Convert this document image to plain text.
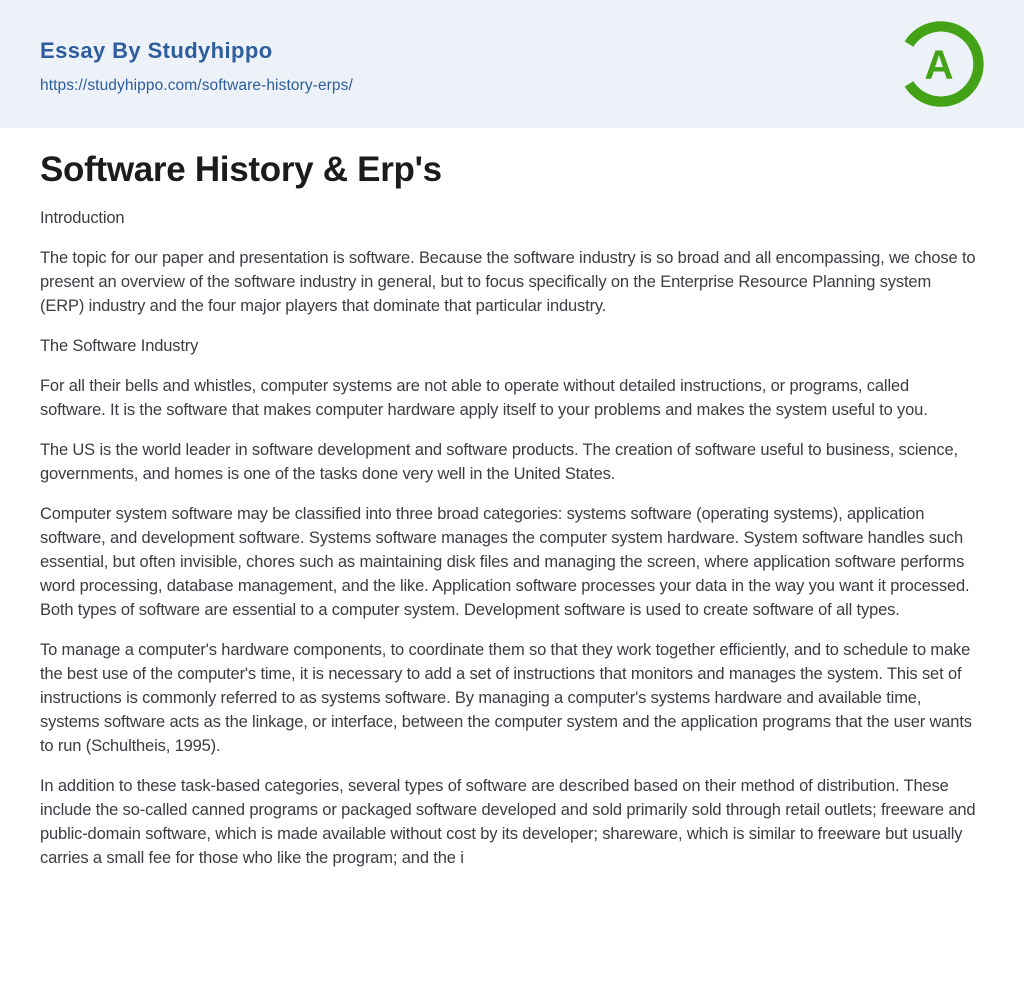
Essay By Studyhippo
https://studyhippo.com/software-history-erps/	A
Software History & Erp's

Introduction

The topic for our paper and presentation is software. Because the software industry is so broad and all encompassing, we chose to present an overview of the software industry in general, but to focus specifically on the Enterprise Resource Planning system (ERP) industry and the four major players that dominate that particular industry.

The Software Industry

For all their bells and whistles, computer systems are not able to operate without detailed instructions, or programs, called software. It is the software that makes computer hardware apply itself to your problems and makes the system useful to you.

The US is the world leader in software development and software products. The creation of software useful to business, science, governments, and homes is one of the tasks done very well in the United States.

Computer system software may be classified into three broad categories: systems software (operating systems), application software, and development software. Systems software manages the computer system hardware. System software handles such essential, but often invisible, chores such as maintaining disk files and managing the screen, where application software performs word processing, database management, and the like. Application software processes your data in the way you want it processed. Both types of software are essential to a computer system. Development software is used to create software of all types.

To manage a computer's hardware components, to coordinate them so that they work together efficiently, and to schedule to make the best use of the computer's time, it is necessary to add a set of instructions that monitors and manages the system. This set of instructions is commonly referred to as systems software. By managing a computer's systems hardware and available time, systems software acts as the linkage, or interface, between the computer system and the application programs that the user wants to run (Schultheis, 1995).

In addition to these task-based categories, several types of software are described based on their method of distribution. These include the so-called canned programs or packaged software developed and sold primarily sold through retail outlets; freeware and public-domain software, which is made available without cost by its developer; shareware, which is similar to freeware but usually carries a small fee for those who like the program; and the i
